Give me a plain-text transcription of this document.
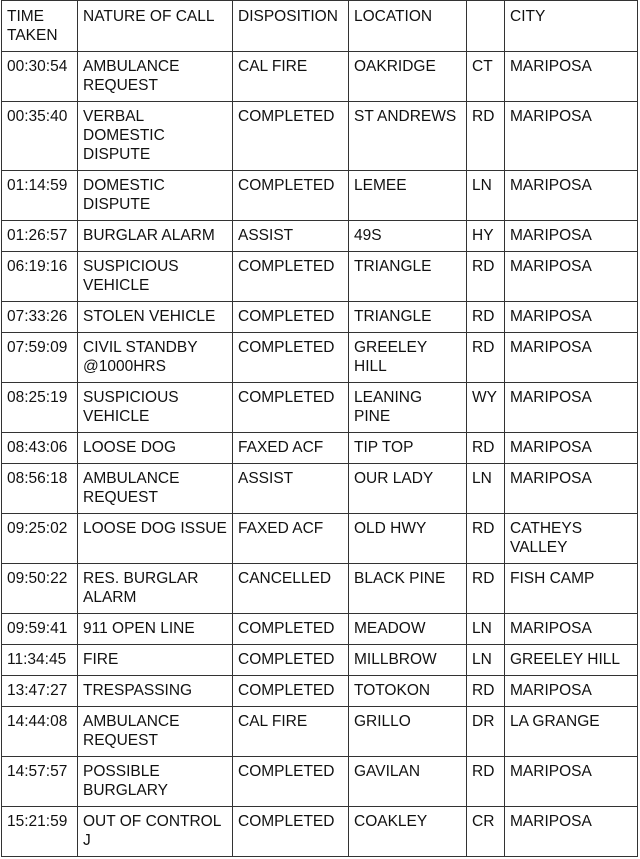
TIME TAKEN	NATURE OF CALL	DISPOSITION	LOCATION		CITY
00:30:54	AMBULANCE REQUEST	CAL FIRE	OAKRIDGE	CT	MARIPOSA
00:35:40	VERBAL DOMESTIC DISPUTE	COMPLETED	ST ANDREWS	RD	MARIPOSA
01:14:59	DOMESTIC DISPUTE	COMPLETED	LEMEE	LN	MARIPOSA
01:26:57	BURGLAR ALARM	ASSIST	49S	HY	MARIPOSA
06:19:16	SUSPICIOUS VEHICLE	COMPLETED	TRIANGLE	RD	MARIPOSA
07:33:26	STOLEN VEHICLE	COMPLETED	TRIANGLE	RD	MARIPOSA
07:59:09	CIVIL STANDBY @1000HRS	COMPLETED	GREELEY HILL	RD	MARIPOSA
08:25:19	SUSPICIOUS VEHICLE	COMPLETED	LEANING PINE	WY	MARIPOSA
08:43:06	LOOSE DOG	FAXED ACF	TIP TOP	RD	MARIPOSA
08:56:18	AMBULANCE REQUEST	ASSIST	OUR LADY	LN	MARIPOSA
09:25:02	LOOSE DOG ISSUE	FAXED ACF	OLD HWY	RD	CATHEYS VALLEY
09:50:22	RES. BURGLAR ALARM	CANCELLED	BLACK PINE	RD	FISH CAMP
09:59:41	911 OPEN LINE	COMPLETED	MEADOW	LN	MARIPOSA
11:34:45	FIRE	COMPLETED	MILLBROW	LN	GREELEY HILL
13:47:27	TRESPASSING	COMPLETED	TOTOKON	RD	MARIPOSA
14:44:08	AMBULANCE REQUEST	CAL FIRE	GRILLO	DR	LA GRANGE
14:57:57	POSSIBLE BURGLARY	COMPLETED	GAVILAN	RD	MARIPOSA
15:21:59	OUT OF CONTROL J	COMPLETED	COAKLEY	CR	MARIPOSA
